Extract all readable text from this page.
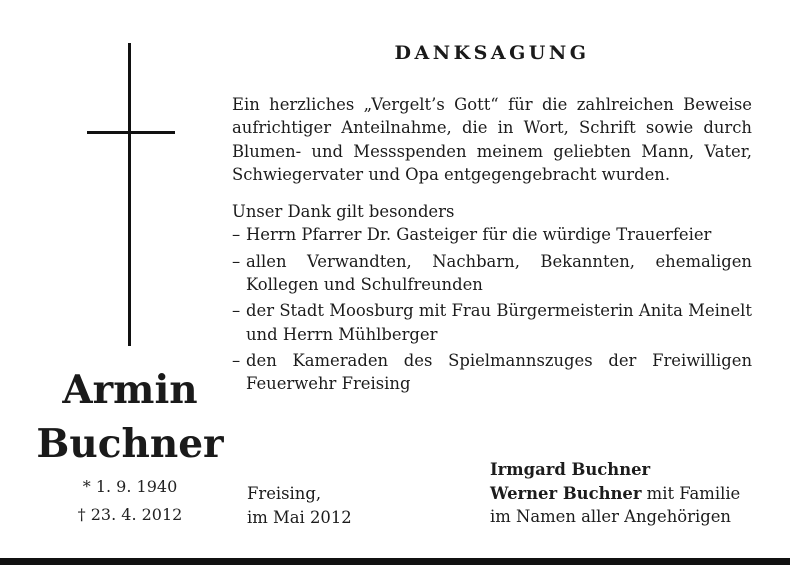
Armin
Buchner
* 1. 9. 1940
† 23. 4. 2012
DANKSAGUNG

Ein herzliches „Vergelt’s Gott“ für die zahlreichen Beweise aufrichtiger Anteilnahme, die in Wort, Schrift sowie durch Blumen- und Messspenden meinem geliebten Mann, Vater, Schwiegervater und Opa entgegengebracht wurden.

Unser Dank gilt besonders

– Herrn Pfarrer Dr. Gasteiger für die würdige Trauerfeier
– allen Verwandten, Nachbarn, Bekannten, ehemaligen Kollegen und Schulfreunden
– der Stadt Moosburg mit Frau Bürgermeisterin Anita Meinelt und Herrn Mühlberger
– den Kameraden des Spielmannszuges der Freiwilligen Feuerwehr Freising
Freising,
im Mai 2012
Irmgard Buchner
Werner Buchner mit Familie
im Namen aller Angehörigen
